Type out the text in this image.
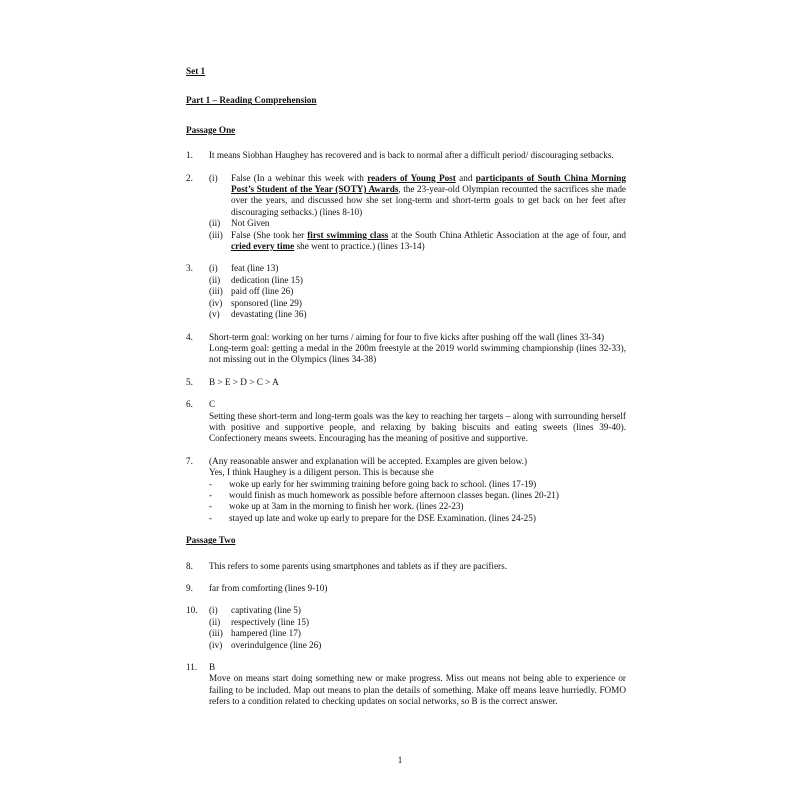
Set 1
Part 1 – Reading Comprehension
Passage One
1. It means Siobhan Haughey has recovered and is back to normal after a difficult period/ discouraging setbacks.
2. (i) False (In a webinar this week with readers of Young Post and participants of South China Morning Post’s Student of the Year (SOTY) Awards, the 23-year-old Olympian recounted the sacrifices she made over the years, and discussed how she set long-term and short-term goals to get back on her feet after discouraging setbacks.) (lines 8-10)
(ii) Not Given
(iii) False (She took her first swimming class at the South China Athletic Association at the age of four, and cried every time she went to practice.) (lines 13-14)
3. (i) feat (line 13)
(ii) dedication (line 15)
(iii) paid off (line 26)
(iv) sponsored (line 29)
(v) devastating (line 36)
4. Short-term goal: working on her turns / aiming for four to five kicks after pushing off the wall (lines 33-34)
Long-term goal: getting a medal in the 200m freestyle at the 2019 world swimming championship (lines 32-33), not missing out in the Olympics (lines 34-38)
5. B > E > D > C > A
6. C
Setting these short-term and long-term goals was the key to reaching her targets – along with surrounding herself with positive and supportive people, and relaxing by baking biscuits and eating sweets (lines 39-40). Confectionery means sweets. Encouraging has the meaning of positive and supportive.
7. (Any reasonable answer and explanation will be accepted. Examples are given below.)
Yes, I think Haughey is a diligent person. This is because she
- woke up early for her swimming training before going back to school. (lines 17-19)
- would finish as much homework as possible before afternoon classes began. (lines 20-21)
- woke up at 3am in the morning to finish her work. (lines 22-23)
- stayed up late and woke up early to prepare for the DSE Examination. (lines 24-25)
Passage Two
8. This refers to some parents using smartphones and tablets as if they are pacifiers.
9. far from comforting (lines 9-10)
10. (i) captivating (line 5)
(ii) respectively (line 15)
(iii) hampered (line 17)
(iv) overindulgence (line 26)
11. B
Move on means start doing something new or make progress. Miss out means not being able to experience or failing to be included. Map out means to plan the details of something. Make off means leave hurriedly. FOMO refers to a condition related to checking updates on social networks, so B is the correct answer.
1
